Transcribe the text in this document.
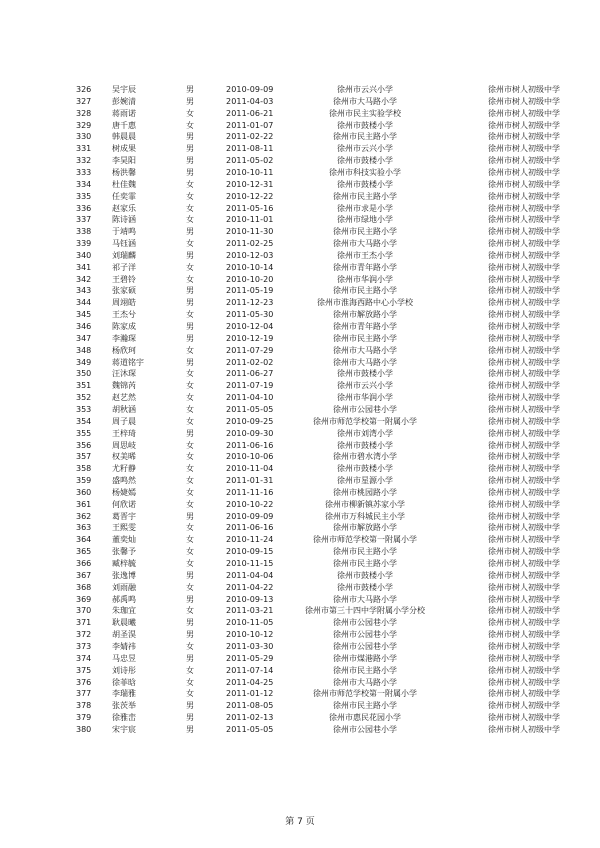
326	吴宇辰	男	2010-09-09	徐州市云兴小学	徐州市树人初级中学
327	彭婉清	男	2011-04-03	徐州市大马路小学	徐州市树人初级中学
328	蒋雨诺	女	2011-06-21	徐州市民主实验学校	徐州市树人初级中学
329	唐千惠	女	2011-01-07	徐州市鼓楼小学	徐州市树人初级中学
330	韩晨晨	男	2011-02-22	徐州市民主路小学	徐州市树人初级中学
331	树成果	男	2011-08-11	徐州市云兴小学	徐州市树人初级中学
332	李昊阳	男	2011-05-02	徐州市鼓楼小学	徐州市树人初级中学
333	杨洪馨	男	2010-10-11	徐州市科技实验小学	徐州市树人初级中学
334	杜佳魏	女	2010-12-31	徐州市鼓楼小学	徐州市树人初级中学
335	任奕霏	女	2010-12-22	徐州市民主路小学	徐州市树人初级中学
336	赵家乐	女	2011-05-16	徐州市求是小学	徐州市树人初级中学
337	陈诗涵	女	2010-11-01	徐州市绿地小学	徐州市树人初级中学
338	于靖鸣	男	2010-11-30	徐州市民主路小学	徐州市树人初级中学
339	马钰涵	女	2011-02-25	徐州市大马路小学	徐州市树人初级中学
340	刘瑞麟	男	2010-12-03	徐州市王杰小学	徐州市树人初级中学
341	祁子洋	女	2010-10-14	徐州市青年路小学	徐州市树人初级中学
342	王碧铃	女	2010-10-20	徐州市华润小学	徐州市树人初级中学
343	张家硕	男	2011-05-19	徐州市民主路小学	徐州市树人初级中学
344	周翊皓	男	2011-12-23	徐州市淮海西路中心小学校	徐州市树人初级中学
345	王杰兮	女	2011-05-30	徐州市解放路小学	徐州市树人初级中学
346	陈家成	男	2010-12-04	徐州市青年路小学	徐州市树人初级中学
347	李瀚琛	男	2010-12-19	徐州市民主路小学	徐州市树人初级中学
348	杨欣珂	女	2011-07-29	徐州市大马路小学	徐州市树人初级中学
349	蒋道铭宇	男	2011-02-02	徐州市大马路小学	徐州市树人初级中学
350	汪沐琛	女	2011-06-27	徐州市鼓楼小学	徐州市树人初级中学
351	魏锦芮	女	2011-07-19	徐州市云兴小学	徐州市树人初级中学
352	赵艺然	女	2011-04-10	徐州市华润小学	徐州市树人初级中学
353	胡秋涵	女	2011-05-05	徐州市公园巷小学	徐州市树人初级中学
354	周子晨	女	2010-09-25	徐州市师范学校第一附属小学	徐州市树人初级中学
355	王梓琦	男	2010-09-30	徐州市刘湾小学	徐州市树人初级中学
356	周思岐	女	2011-06-16	徐州市鼓楼小学	徐州市树人初级中学
357	权美晞	女	2010-10-06	徐州市碧水湾小学	徐州市树人初级中学
358	尤籽静	女	2010-11-04	徐州市鼓楼小学	徐州市树人初级中学
359	盛鸣然	女	2011-01-31	徐州市星源小学	徐州市树人初级中学
360	杨婕嫣	女	2011-11-16	徐州市桃园路小学	徐州市树人初级中学
361	何欣诺	女	2010-10-22	徐州市柳新镇苏家小学	徐州市树人初级中学
362	葛晋宇	男	2010-09-09	徐州市万科城民主小学	徐州市树人初级中学
363	王熙雯	女	2011-06-16	徐州市解放路小学	徐州市树人初级中学
364	董奕灿	女	2010-11-24	徐州市师范学校第一附属小学	徐州市树人初级中学
365	张馨予	女	2010-09-15	徐州市民主路小学	徐州市树人初级中学
366	臧梓毓	女	2010-11-15	徐州市民主路小学	徐州市树人初级中学
367	张逸博	男	2011-04-04	徐州市鼓楼小学	徐州市树人初级中学
368	刘雨融	女	2011-04-22	徐州市鼓楼小学	徐州市树人初级中学
369	郝禹鸣	男	2010-09-13	徐州市大马路小学	徐州市树人初级中学
370	朱珈宜	女	2011-03-21	徐州市第三十四中学附属小学分校	徐州市树人初级中学
371	耿晨曦	男	2010-11-05	徐州市公园巷小学	徐州市树人初级中学
372	胡圣淏	男	2010-10-12	徐州市公园巷小学	徐州市树人初级中学
373	李婧祎	女	2011-03-30	徐州市公园巷小学	徐州市树人初级中学
374	马忠昱	男	2011-05-29	徐州市煤港路小学	徐州市树人初级中学
375	刘诗彤	女	2011-07-14	徐州市民主路小学	徐州市树人初级中学
376	徐菲晗	女	2011-04-25	徐州市大马路小学	徐州市树人初级中学
377	李瑞雅	女	2011-01-12	徐州市师范学校第一附属小学	徐州市树人初级中学
378	张茨举	男	2011-08-05	徐州市民主路小学	徐州市树人初级中学
379	徐雅峦	男	2011-02-13	徐州市惠民花园小学	徐州市树人初级中学
380	宋宇宸	男	2011-05-05	徐州市公园巷小学	徐州市树人初级中学
第 7 页
